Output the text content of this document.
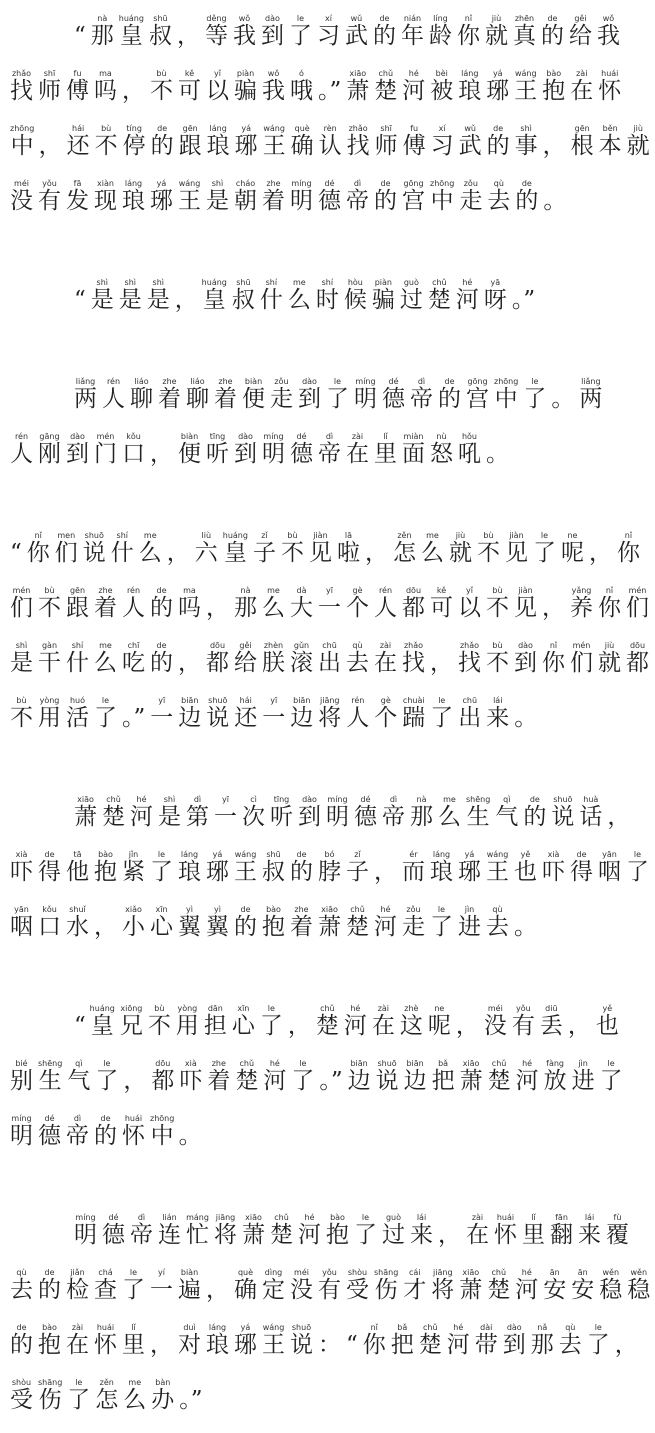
“ 那nà皇huáng叔shū， 等děng我wǒ到dào了le习xí武wǔ的de年nián龄líng你nǐ就jiù真zhēn的de给gěi我wǒ
找zhǎo师shī傅fu吗ma， 不bù可kě以yǐ骗piàn我wǒ哦ó。” 萧xiāo楚chǔ河hé被bèi琅láng琊yá王wáng抱bào在zài怀huái
中zhōng， 还hái不bù停tíng的de跟gēn琅láng琊yá王wáng确què认rèn找zhǎo师shī傅fu习xí武wǔ的de事shì， 根gēn本běn就jiù
没méi有yǒu发fā现xiàn琅láng琊yá王wáng是shì朝cháo着zhe明míng德dé帝dì的de宫gōng中zhōng走zǒu去qù的de。
“ 是shì是shì是shì， 皇huáng叔shū什shí么me时shí候hòu骗piàn过guò楚chǔ河hé呀yā。”
两liǎng人rén聊liáo着zhe聊liáo着zhe便biàn走zǒu到dào了le明míng德dé帝dì的de宫gōng中zhōng了le。 两liǎng
人rén刚gāng到dào门mén口kǒu， 便biàn听tīng到dào明míng德dé帝dì在zài里lǐ面miàn怒nù吼hǒu。
“ 你nǐ们men说shuō什shí么me， 六liù皇huáng子zǐ不bù见jiàn啦lā， 怎zěn么me就jiù不bù见jiàn了le呢ne， 你nǐ
们mén不bù跟gēn着zhe人rén的de吗ma， 那nà么me大dà一yī个gè人rén都dōu可kě以yǐ不bù见jiàn， 养yǎng你nǐ们mén
是shì干gàn什shí么me吃chī的de， 都dōu给gěi朕zhèn滚gǔn出chū去qù在zài找zhǎo， 找zhǎo不bù到dào你nǐ们mén就jiù都dōu
不bù用yòng活huó了le。” 一yī边biān说shuō还hái一yī边biān将jiāng人rén个gè踹chuài了le出chū来lái。
萧xiāo楚chǔ河hé是shì第dì一yī次cì听tīng到dào明míng德dé帝dì那nà么me生shēng气qì的de说shuō话huà，
吓xià得de他tā抱bào紧jǐn了le琅láng琊yá王wáng叔shū的de脖bó子zǐ， 而ér琅láng琊yá王wáng也yě吓xià得de咽yān了le
咽yān口kǒu水shuǐ， 小xiǎo心xīn翼yì翼yì的de抱bào着zhe萧xiāo楚chǔ河hé走zǒu了le进jìn去qù。
“ 皇huáng兄xiōng不bù用yòng担dān心xīn了le， 楚chǔ河hé在zài这zhè呢ne， 没méi有yǒu丢diū， 也yě
别bié生shēng气qì了le， 都dōu吓xià着zhe楚chǔ河hé了le。” 边biān说shuō边biān把bǎ萧xiāo楚chǔ河hé放fàng进jìn了le
明míng德dé帝dì的de怀huái中zhōng。
明míng德dé帝dì连lián忙máng将jiāng萧xiāo楚chǔ河hé抱bào了le过guò来lái， 在zài怀huái里lǐ翻fān来lái覆fù
去qù的de检jiǎn查chá了le一yí遍biàn， 确què定dìng没méi有yǒu受shòu伤shāng才cái将jiāng萧xiāo楚chǔ河hé安ān安ān稳wěn稳wěn
的de抱bào在zài怀huái里lǐ， 对duì琅láng琊yá王wáng说shuō： “ 你nǐ把bǎ楚chǔ河hé带dài到dào那nǎ去qù了le，
受shòu伤shāng了le怎zěn么me办bàn。”
